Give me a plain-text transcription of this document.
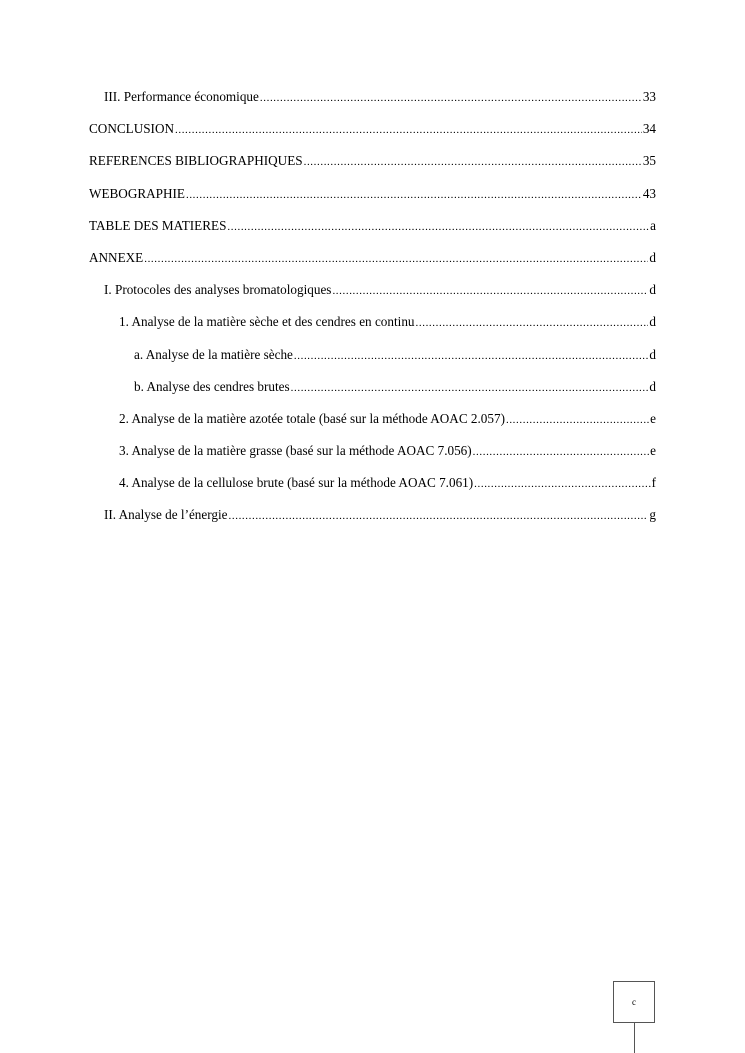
III. Performance économique .....	33
CONCLUSION .....	34
REFERENCES BIBLIOGRAPHIQUES .....	35
WEBOGRAPHIE .....	43
TABLE DES MATIERES .....	a
ANNEXE .....	d
I. Protocoles des analyses bromatologiques .....	d
1. Analyse de la matière sèche et des cendres en continu .....	d
a. Analyse de la matière sèche .....	d
b. Analyse des cendres brutes .....	d
2. Analyse de la matière azotée totale (basé sur la méthode AOAC 2.057) .....	e
3. Analyse de la matière grasse (basé sur la méthode AOAC 7.056) .....	e
4. Analyse de la cellulose brute (basé sur la méthode AOAC 7.061) .....	f
II. Analyse de l’énergie .....	g
c
